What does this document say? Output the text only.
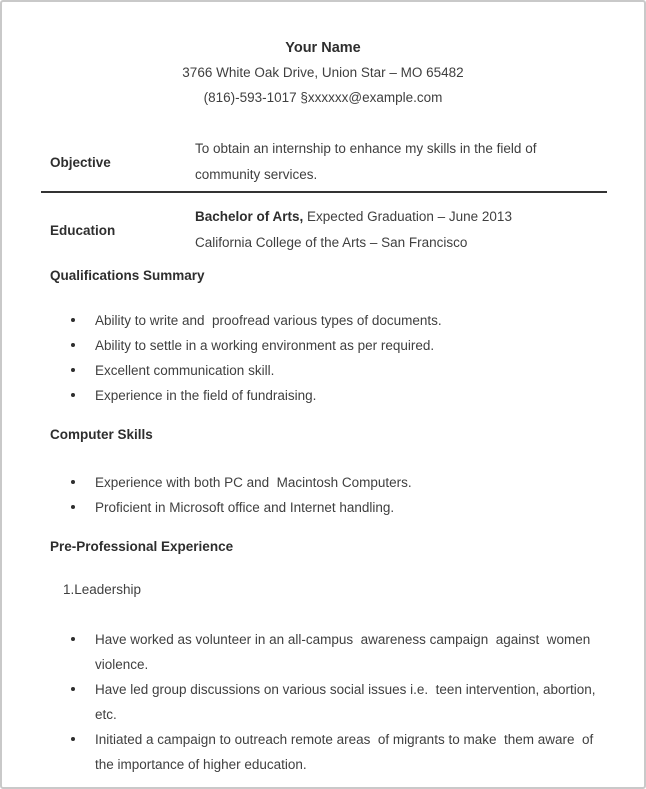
Your Name
3766 White Oak Drive, Union Star – MO 65482
(816)-593-1017 §xxxxxx@example.com
Objective
To obtain an internship to enhance my skills in the field of community services.
Education
Bachelor of Arts, Expected Graduation – June 2013
California College of the Arts – San Francisco
Qualifications Summary
Ability to write and  proofread various types of documents.
Ability to settle in a working environment as per required.
Excellent communication skill.
Experience in the field of fundraising.
Computer Skills
Experience with both PC and  Macintosh Computers.
Proficient in Microsoft office and Internet handling.
Pre-Professional Experience
1.Leadership
Have worked as volunteer in an all-campus  awareness campaign  against  women violence.
Have led group discussions on various social issues i.e.  teen intervention, abortion, etc.
Initiated a campaign to outreach remote areas  of migrants to make  them aware  of the importance of higher education.
